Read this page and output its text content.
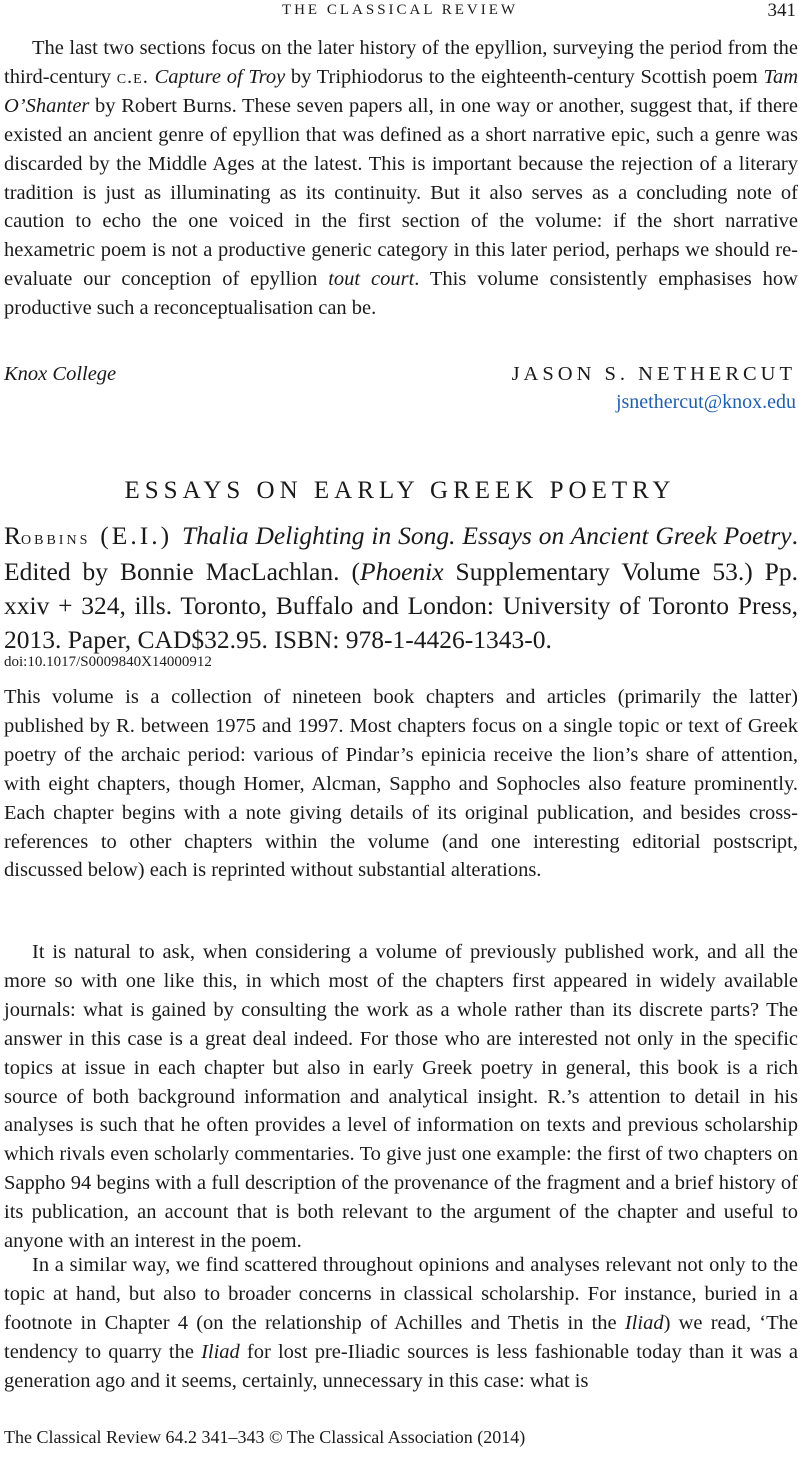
THE CLASSICAL REVIEW	341

The last two sections focus on the later history of the epyllion, surveying the period from the third-century c.e. Capture of Troy by Triphiodorus to the eighteenth-century Scottish poem Tam O’Shanter by Robert Burns. These seven papers all, in one way or another, suggest that, if there existed an ancient genre of epyllion that was defined as a short narrative epic, such a genre was discarded by the Middle Ages at the latest. This is important because the rejection of a literary tradition is just as illuminating as its continuity. But it also serves as a concluding note of caution to echo the one voiced in the first section of the volume: if the short narrative hexametric poem is not a productive generic category in this later period, perhaps we should re-evaluate our conception of epyllion tout court. This volume consistently emphasises how productive such a reconceptualisation can be.

Knox College	JASON S. NETHERCUT
jsnethercut@knox.edu
ESSAYS ON EARLY GREEK POETRY

Robbins (E.I.) Thalia Delighting in Song. Essays on Ancient Greek Poetry. Edited by Bonnie MacLachlan. (Phoenix Supplementary Volume 53.) Pp. xxiv + 324, ills. Toronto, Buffalo and London: University of Toronto Press, 2013. Paper, CAD$32.95. ISBN: 978-1-4426-1343-0.

doi:10.1017/S0009840X14000912

This volume is a collection of nineteen book chapters and articles (primarily the latter) published by R. between 1975 and 1997. Most chapters focus on a single topic or text of Greek poetry of the archaic period: various of Pindar’s epinicia receive the lion’s share of attention, with eight chapters, though Homer, Alcman, Sappho and Sophocles also feature prominently. Each chapter begins with a note giving details of its original publication, and besides cross-references to other chapters within the volume (and one interesting editorial postscript, discussed below) each is reprinted without substantial alterations.

It is natural to ask, when considering a volume of previously published work, and all the more so with one like this, in which most of the chapters first appeared in widely available journals: what is gained by consulting the work as a whole rather than its discrete parts? The answer in this case is a great deal indeed. For those who are interested not only in the specific topics at issue in each chapter but also in early Greek poetry in general, this book is a rich source of both background information and analytical insight. R.’s attention to detail in his analyses is such that he often provides a level of information on texts and previous scholarship which rivals even scholarly commentaries. To give just one example: the first of two chapters on Sappho 94 begins with a full description of the provenance of the fragment and a brief history of its publication, an account that is both relevant to the argument of the chapter and useful to anyone with an interest in the poem.

In a similar way, we find scattered throughout opinions and analyses relevant not only to the topic at hand, but also to broader concerns in classical scholarship. For instance, buried in a footnote in Chapter 4 (on the relationship of Achilles and Thetis in the Iliad) we read, ‘The tendency to quarry the Iliad for lost pre-Iliadic sources is less fashionable today than it was a generation ago and it seems, certainly, unnecessary in this case: what is

The Classical Review 64.2 341–343 © The Classical Association (2014)
